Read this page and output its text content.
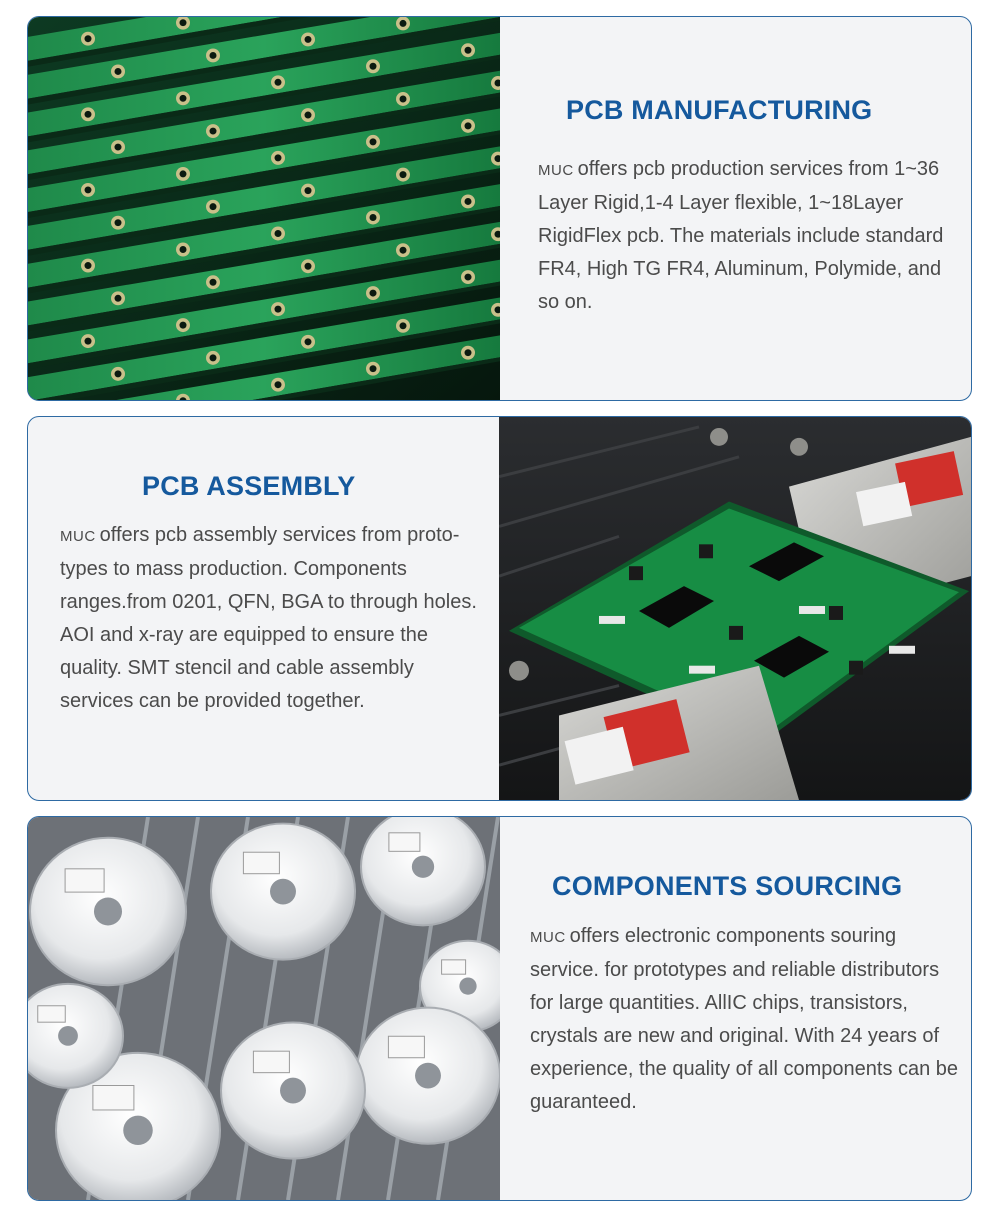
PCB MANUFACTURING

MUC offers pcb production services from 1~36 Layer Rigid,1-4 Layer flexible, 1~18Layer RigidFlex pcb. The materials include standard FR4, High TG FR4, Aluminum, Polymide, and so on.

PCB ASSEMBLY

MUC offers pcb assembly services from proto-types to mass production. Components ranges.from 0201, QFN, BGA to through holes. AOI and x-ray are equipped to ensure the quality. SMT stencil and cable assembly services can be provided together.

COMPONENTS SOURCING

MUC offers electronic components souring service. for prototypes and reliable distributors for large quantities. AllIC chips, transistors, crystals are new and original. With 24 years of experience, the quality of all components can be guaranteed.
